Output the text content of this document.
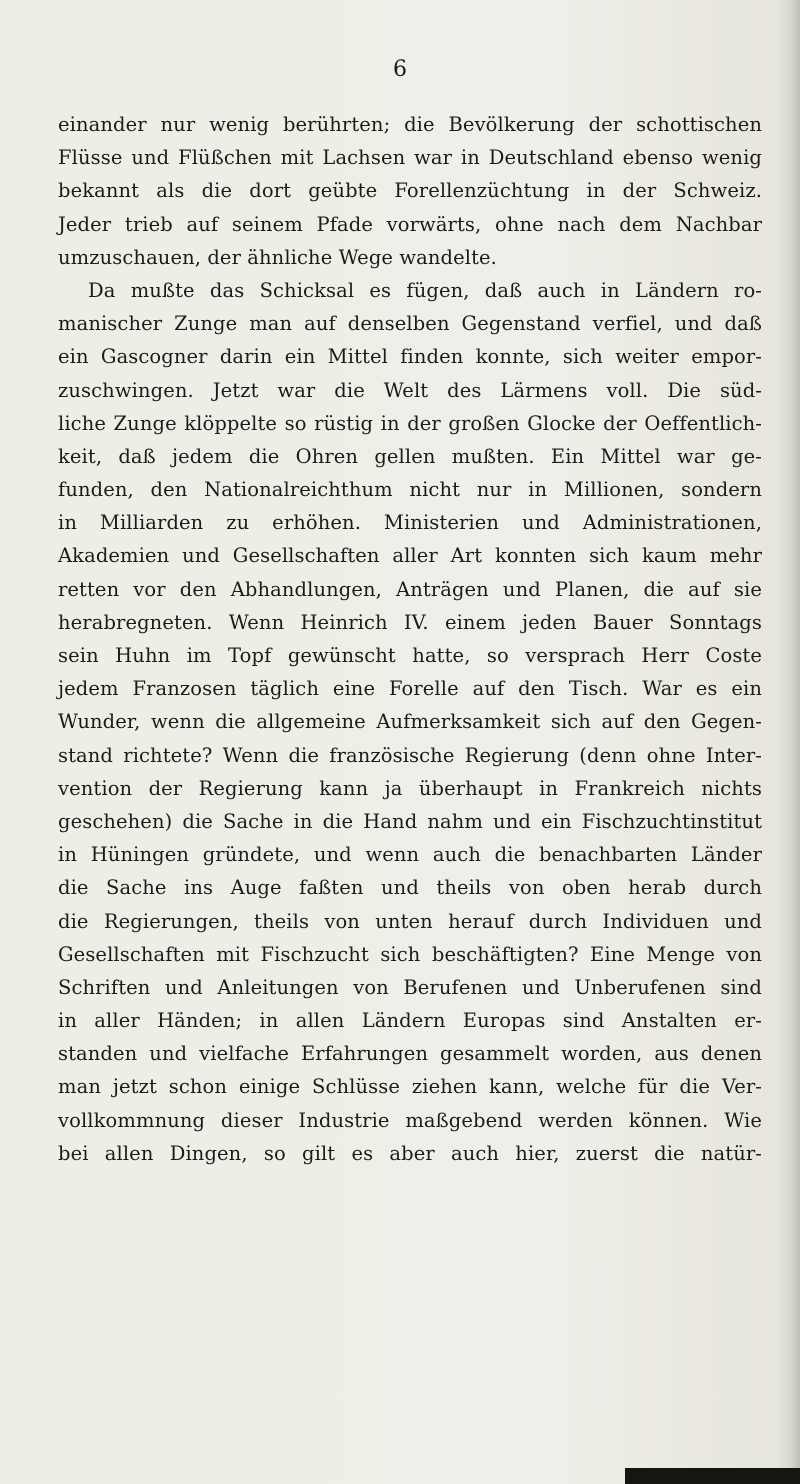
6
einander nur wenig berührten; die Bevölkerung der schottischen
Flüsse und Flüßchen mit Lachsen war in Deutschland ebenso wenig
bekannt als die dort geübte Forellenzüchtung in der Schweiz.
Jeder trieb auf seinem Pfade vorwärts, ohne nach dem Nachbar
umzuschauen, der ähnliche Wege wandelte.
Da mußte das Schicksal es fügen, daß auch in Ländern ro-
manischer Zunge man auf denselben Gegenstand verfiel, und daß
ein Gascogner darin ein Mittel finden konnte, sich weiter empor-
zuschwingen. Jetzt war die Welt des Lärmens voll. Die süd-
liche Zunge klöppelte so rüstig in der großen Glocke der Oeffentlich-
keit, daß jedem die Ohren gellen mußten. Ein Mittel war ge-
funden, den Nationalreichthum nicht nur in Millionen, sondern
in Milliarden zu erhöhen. Ministerien und Administrationen,
Akademien und Gesellschaften aller Art konnten sich kaum mehr
retten vor den Abhandlungen, Anträgen und Planen, die auf sie
herabregneten. Wenn Heinrich IV. einem jeden Bauer Sonntags
sein Huhn im Topf gewünscht hatte, so versprach Herr Coste
jedem Franzosen täglich eine Forelle auf den Tisch. War es ein
Wunder, wenn die allgemeine Aufmerksamkeit sich auf den Gegen-
stand richtete? Wenn die französische Regierung (denn ohne Inter-
vention der Regierung kann ja überhaupt in Frankreich nichts
geschehen) die Sache in die Hand nahm und ein Fischzuchtinstitut
in Hüningen gründete, und wenn auch die benachbarten Länder
die Sache ins Auge faßten und theils von oben herab durch
die Regierungen, theils von unten herauf durch Individuen und
Gesellschaften mit Fischzucht sich beschäftigten? Eine Menge von
Schriften und Anleitungen von Berufenen und Unberufenen sind
in aller Händen; in allen Ländern Europas sind Anstalten er-
standen und vielfache Erfahrungen gesammelt worden, aus denen
man jetzt schon einige Schlüsse ziehen kann, welche für die Ver-
vollkommnung dieser Industrie maßgebend werden können. Wie
bei allen Dingen, so gilt es aber auch hier, zuerst die natür-
